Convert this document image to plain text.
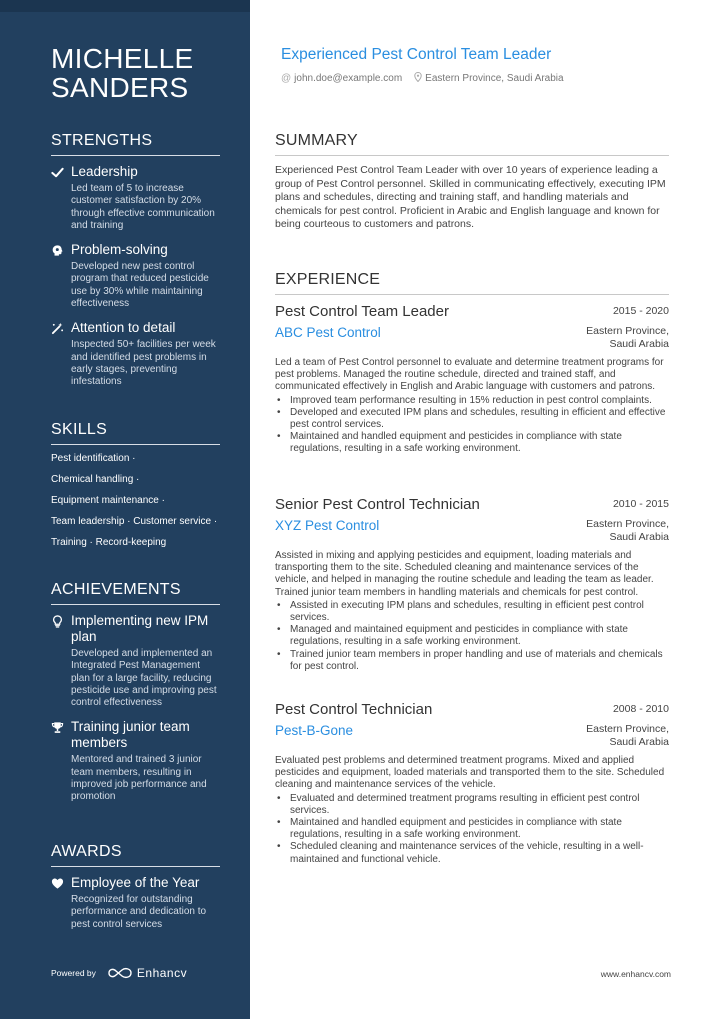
MICHELLE
SANDERS
STRENGTHS
Leadership
Led team of 5 to increase customer satisfaction by 20% through effective communication and training
Problem-solving
Developed new pest control program that reduced pesticide use by 30% while maintaining effectiveness
Attention to detail
Inspected 50+ facilities per week and identified pest problems in early stages, preventing infestations
SKILLS
Pest identification ·
Chemical handling ·
Equipment maintenance ·
Team leadership · Customer service ·
Training · Record-keeping
ACHIEVEMENTS
Implementing new IPM plan
Developed and implemented an Integrated Pest Management plan for a large facility, reducing pesticide use and improving pest control effectiveness
Training junior team members
Mentored and trained 3 junior team members, resulting in improved job performance and promotion
AWARDS
Employee of the Year
Recognized for outstanding performance and dedication to pest control services
Powered by	Enhancv
Experienced Pest Control Team Leader
@ john.doe@example.com Eastern Province, Saudi Arabia
SUMMARY
Experienced Pest Control Team Leader with over 10 years of experience leading a group of Pest Control personnel. Skilled in communicating effectively, executing IPM plans and schedules, directing and training staff, and handling materials and chemicals for pest control. Proficient in Arabic and English language and known for being courteous to customers and patrons.
EXPERIENCE
Pest Control Team Leader	2015 - 2020
ABC Pest Control	Eastern Province,
Saudi Arabia
Led a team of Pest Control personnel to evaluate and determine treatment programs for pest problems. Managed the routine schedule, directed and trained staff, and communicated effectively in English and Arabic language with customers and patrons.
• Improved team performance resulting in 15% reduction in pest control complaints.
• Developed and executed IPM plans and schedules, resulting in efficient and effective pest control services.
• Maintained and handled equipment and pesticides in compliance with state regulations, resulting in a safe working environment.
Senior Pest Control Technician	2010 - 2015
XYZ Pest Control	Eastern Province,
Saudi Arabia
Assisted in mixing and applying pesticides and equipment, loading materials and transporting them to the site. Scheduled cleaning and maintenance services of the vehicle, and helped in managing the routine schedule and leading the team as leader. Trained junior team members in handling materials and chemicals for pest control.
• Assisted in executing IPM plans and schedules, resulting in efficient pest control services.
• Managed and maintained equipment and pesticides in compliance with state regulations, resulting in a safe working environment.
• Trained junior team members in proper handling and use of materials and chemicals for pest control.
Pest Control Technician	2008 - 2010
Pest-B-Gone	Eastern Province,
Saudi Arabia
Evaluated pest problems and determined treatment programs. Mixed and applied pesticides and equipment, loaded materials and transported them to the site. Scheduled cleaning and maintenance services of the vehicle.
• Evaluated and determined treatment programs resulting in efficient pest control services.
• Maintained and handled equipment and pesticides in compliance with state regulations, resulting in a safe working environment.
• Scheduled cleaning and maintenance services of the vehicle, resulting in a well-maintained and functional vehicle.
www.enhancv.com
